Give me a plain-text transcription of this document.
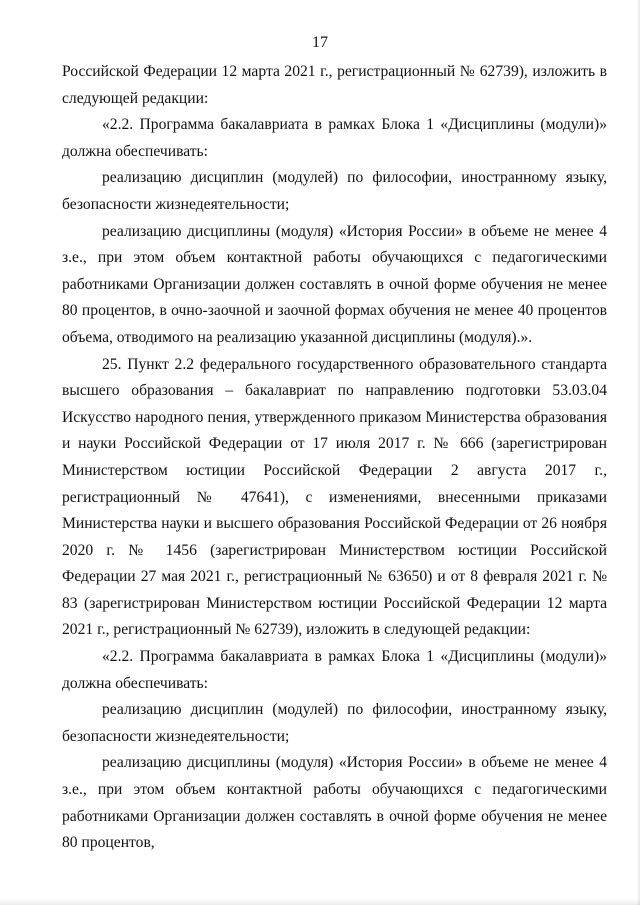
17

Российской Федерации 12 марта 2021 г., регистрационный № 62739), изложить в следующей редакции:

«2.2. Программа бакалавриата в рамках Блока 1 «Дисциплины (модули)» должна обеспечивать:

реализацию дисциплин (модулей) по философии, иностранному языку, безопасности жизнедеятельности;

реализацию дисциплины (модуля) «История России» в объеме не менее 4 з.е., при этом объем контактной работы обучающихся с педагогическими работниками Организации должен составлять в очной форме обучения не менее 80 процентов, в очно-заочной и заочной формах обучения не менее 40 процентов объема, отводимого на реализацию указанной дисциплины (модуля).».

25. Пункт 2.2 федерального государственного образовательного стандарта высшего образования – бакалавриат по направлению подготовки 53.03.04 Искусство народного пения, утвержденного приказом Министерства образования и науки Российской Федерации от 17 июля 2017 г. № 666 (зарегистрирован Министерством юстиции Российской Федерации 2 августа 2017 г., регистрационный № 47641), с изменениями, внесенными приказами Министерства науки и высшего образования Российской Федерации от 26 ноября 2020 г. № 1456 (зарегистрирован Министерством юстиции Российской Федерации 27 мая 2021 г., регистрационный № 63650) и от 8 февраля 2021 г. № 83 (зарегистрирован Министерством юстиции Российской Федерации 12 марта 2021 г., регистрационный № 62739), изложить в следующей редакции:

«2.2. Программа бакалавриата в рамках Блока 1 «Дисциплины (модули)» должна обеспечивать:

реализацию дисциплин (модулей) по философии, иностранному языку, безопасности жизнедеятельности;

реализацию дисциплины (модуля) «История России» в объеме не менее 4 з.е., при этом объем контактной работы обучающихся с педагогическими работниками Организации должен составлять в очной форме обучения не менее 80 процентов,
